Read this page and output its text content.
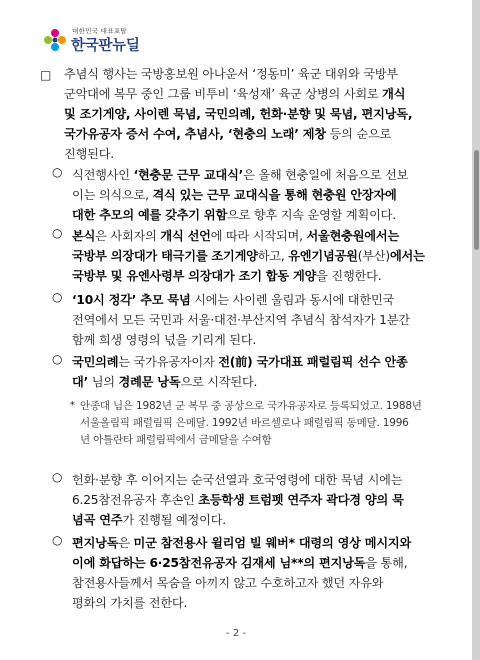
대한민국 대표포탈
한국판뉴딜
□ 추념식 행사는 국방홍보원 아나운서 ‘정동미’ 육군 대위와 국방부
군악대에 복무 중인 그룹 비투비 ‘육성재’ 육군 상병의 사회로 개식
및 조기게양, 사이렌 묵념, 국민의례, 헌화·분향 및 묵념, 편지낭독,
국가유공자 증서 수여, 추념사, ‘현충의 노래’ 제창 등의 순으로
진행된다.
○ 식전행사인 ‘현충문 근무 교대식’은 올해 현충일에 처음으로 선보
이는 의식으로, 격식 있는 근무 교대식을 통해 현충원 안장자에
대한 추모의 예를 갖추기 위함으로 향후 지속 운영할 계획이다.
○ 본식은 사회자의 개식 선언에 따라 시작되며, 서울현충원에서는
국방부 의장대가 태극기를 조기게양하고, 유엔기념공원(부산)에서는
국방부 및 유엔사령부 의장대가 조기 합동 게양을 진행한다.
○ ‘10시 정각’ 추모 묵념 시에는 사이렌 울림과 동시에 대한민국
전역에서 모든 국민과 서울·대전·부산지역 추념식 참석자가 1분간
함께 희생 영령의 넋을 기리게 된다.
○ 국민의례는 국가유공자이자 전(前) 국가대표 패럴림픽 선수 안종
대’ 님의 경례문 낭독으로 시작된다.
* 안종대 님은 1982년 군 복무 중 공상으로 국가유공자로 등록되었고. 1988년
서울올림픽 패럴림픽 은메달. 1992년 바르셀로나 패럴림픽 동메달. 1996
년 아틀란타 패럴림픽에서 금메달을 수여함
○ 헌화·분향 후 이어지는 순국선열과 호국영령에 대한 묵념 시에는
6.25참전유공자 후손인 초등학생 트럼펫 연주자 곽다경 양의 묵
념곡 연주가 진행될 예정이다.
○ 편지낭독은 미군 참전용사 윌리엄 빌 웨버* 대령의 영상 메시지와
이에 화답하는 6·25참전유공자 김재세 님**의 편지낭독을 통해,
참전용사들께서 목숨을 아끼지 않고 수호하고자 했던 자유와
평화의 가치를 전한다.
- 2 -
